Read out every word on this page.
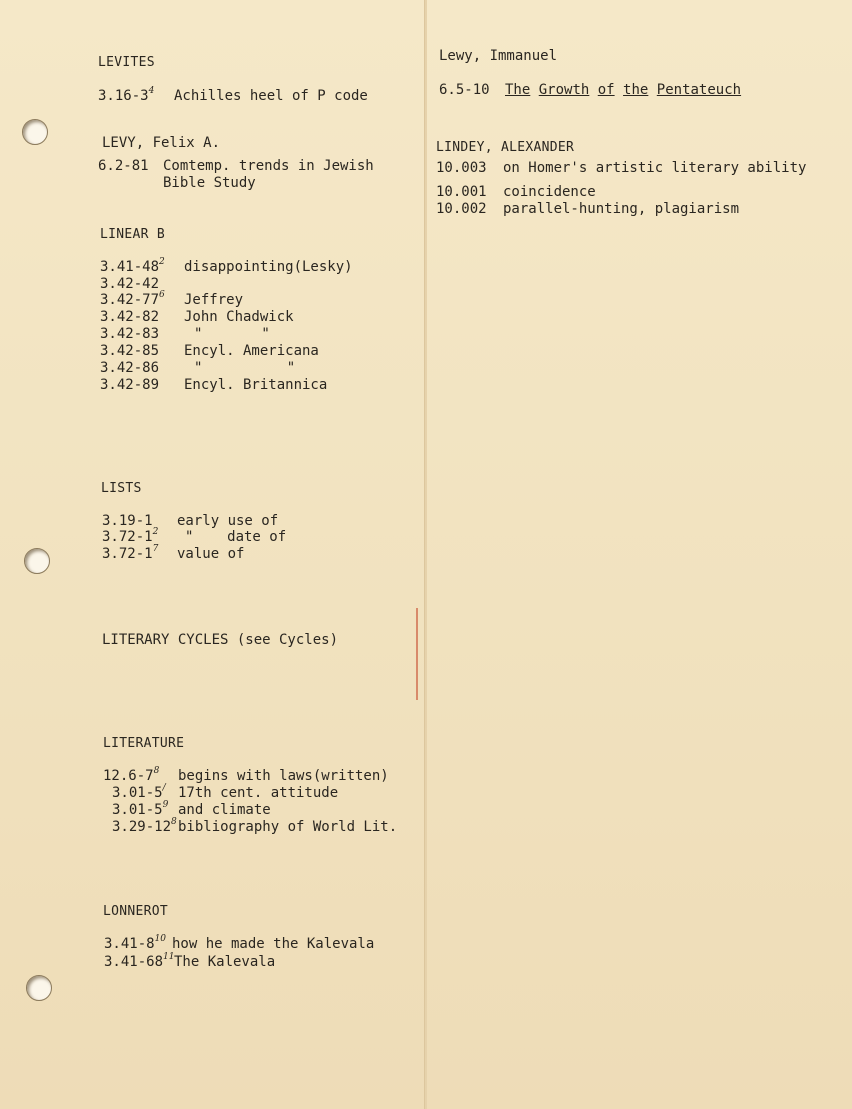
LEVITES
$3.16-3^4$ Achilles heel of P code
LEVY, Felix A.
6.2-81 Comtemp. trends in Jewish
Bible Study
LINEAR B
$3.41-48^2$ disappointing(Lesky)
3.42-42
$3.42-77^6$ Jeffrey
3.42-82 John Chadwick
3.42-83 "       "
3.42-85 Encyl. Americana
3.42-86 "          "
3.42-89 Encyl. Britannica
LISTS
3.19-1 early use of
$3.72-1^2$ "    date of
$3.72-1^7$ value of
LITERARY CYCLES (see Cycles)
LITERATURE
$12.6-7^8$ begins with laws(written)
3.01-5/ 17th cent. attitude
$3.01-5^9$ and climate
$3.29-12^8$ bibliography of World Lit.
LONNEROT
$3.41-8^{10}$ how he made the Kalevala
$3.41-68^{11}$ The Kalevala
Lewy, Immanuel
6.5-10 The Growth of the Pentateuch
LINDEY, ALEXANDER
10.003 on Homer's artistic literary ability
10.001 coincidence
10.002 parallel-hunting, plagiarism
